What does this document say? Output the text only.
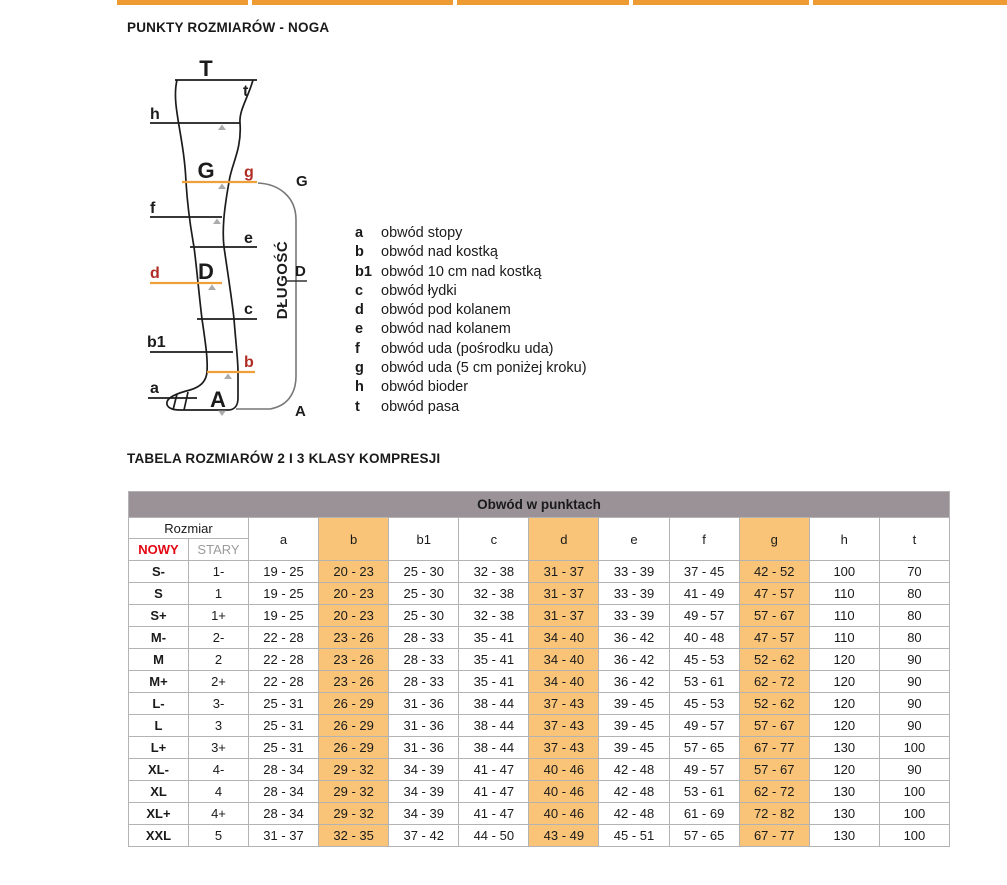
PUNKTY ROZMIARÓW - NOGA
T
t
h
G g
f
e
D
d
c
b1
b
a A
G
D
A
DŁUGOŚĆ
a obwód stopy
b obwód nad kostką
b1 obwód 10 cm nad kostką
c obwód łydki
d obwód pod kolanem
e obwód nad kolanem
f obwód uda (pośrodku uda)
g obwód uda (5 cm poniżej kroku)
h obwód bioder
t obwód pasa
TABELA ROZMIARÓW 2 I 3 KLASY KOMPRESJI
Obwód w punktach											
Rozmiar		a	b	b1	c	d	e	f	g	h	t
NOWY	STARY										
S-	1-	19 - 25	20 - 23	25 - 30	32 - 38	31 - 37	33 - 39	37 - 45	42 - 52	100	70
S	1	19 - 25	20 - 23	25 - 30	32 - 38	31 - 37	33 - 39	41 - 49	47 - 57	110	80
S+	1+	19 - 25	20 - 23	25 - 30	32 - 38	31 - 37	33 - 39	49 - 57	57 - 67	110	80
M-	2-	22 - 28	23 - 26	28 - 33	35 - 41	34 - 40	36 - 42	40 - 48	47 - 57	110	80
M	2	22 - 28	23 - 26	28 - 33	35 - 41	34 - 40	36 - 42	45 - 53	52 - 62	120	90
M+	2+	22 - 28	23 - 26	28 - 33	35 - 41	34 - 40	36 - 42	53 - 61	62 - 72	120	90
L-	3-	25 - 31	26 - 29	31 - 36	38 - 44	37 - 43	39 - 45	45 - 53	52 - 62	120	90
L	3	25 - 31	26 - 29	31 - 36	38 - 44	37 - 43	39 - 45	49 - 57	57 - 67	120	90
L+	3+	25 - 31	26 - 29	31 - 36	38 - 44	37 - 43	39 - 45	57 - 65	67 - 77	130	100
XL-	4-	28 - 34	29 - 32	34 - 39	41 - 47	40 - 46	42 - 48	49 - 57	57 - 67	120	90
XL	4	28 - 34	29 - 32	34 - 39	41 - 47	40 - 46	42 - 48	53 - 61	62 - 72	130	100
XL+	4+	28 - 34	29 - 32	34 - 39	41 - 47	40 - 46	42 - 48	61 - 69	72 - 82	130	100
XXL	5	31 - 37	32 - 35	37 - 42	44 - 50	43 - 49	45 - 51	57 - 65	67 - 77	130	100
